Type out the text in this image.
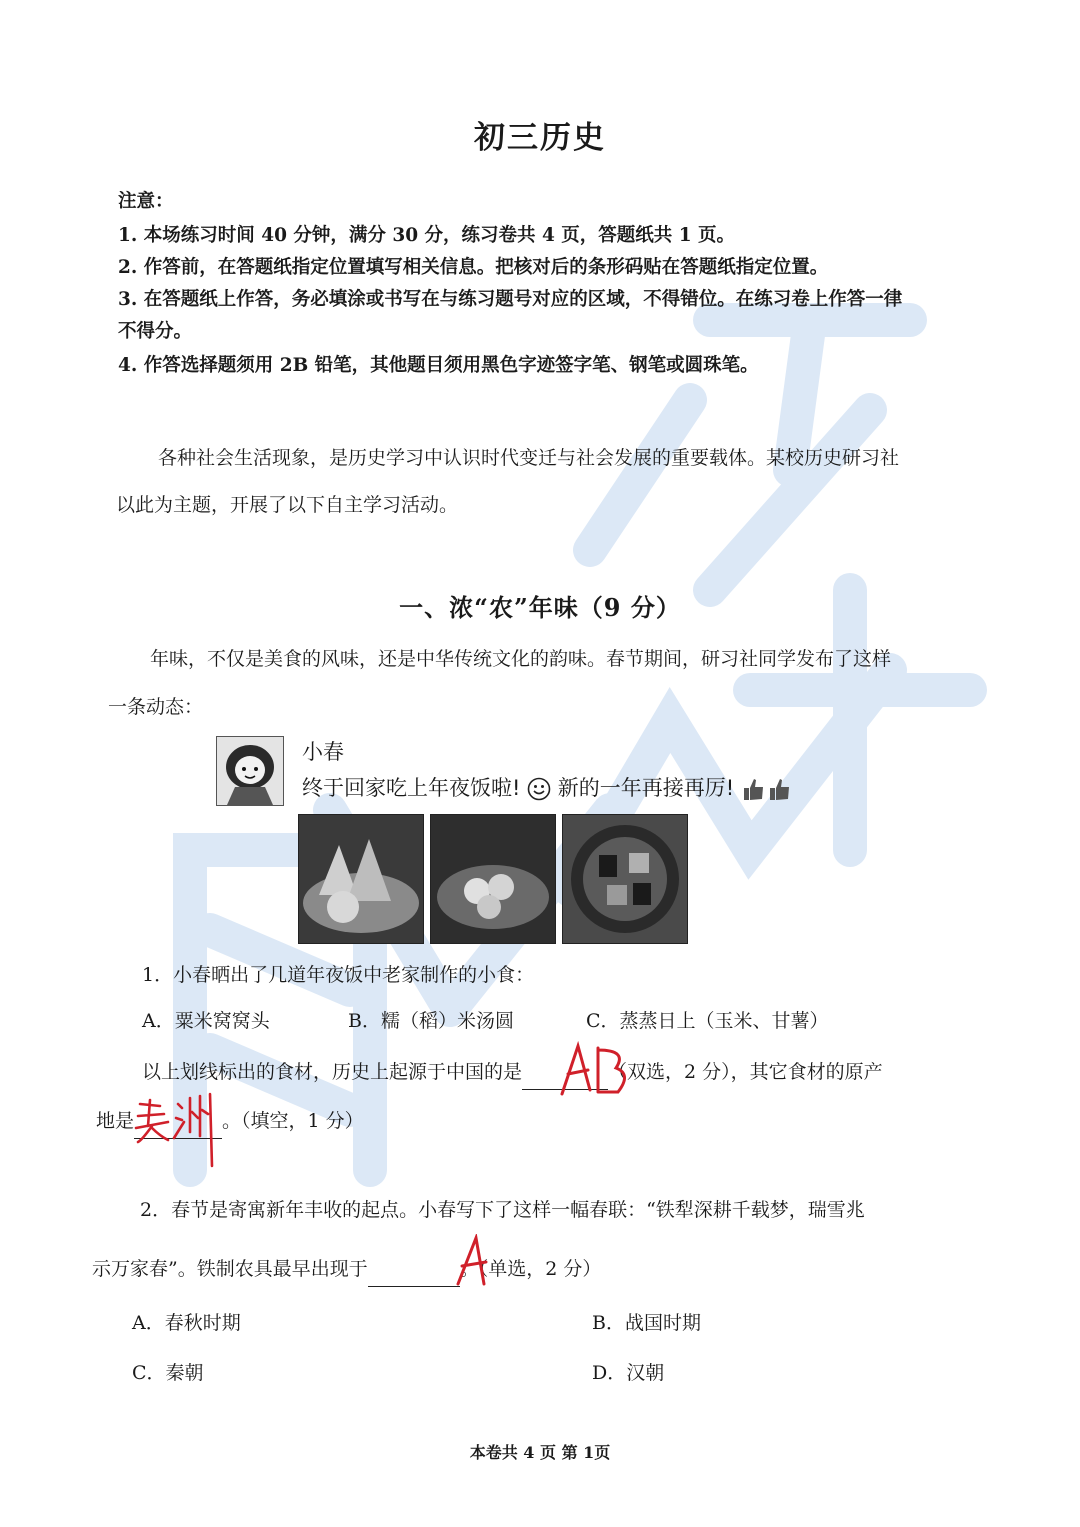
初三历史
注意：
1. 本场练习时间 40 分钟，满分 30 分，练习卷共 4 页，答题纸共 1 页。
2. 作答前，在答题纸指定位置填写相关信息。把核对后的条形码贴在答题纸指定位置。
3. 在答题纸上作答，务必填涂或书写在与练习题号对应的区域，不得错位。在练习卷上作答一律
不得分。
4. 作答选择题须用 2B 铅笔，其他题目须用黑色字迹签字笔、钢笔或圆珠笔。
各种社会生活现象，是历史学习中认识时代变迁与社会发展的重要载体。某校历史研习社
以此为主题，开展了以下自主学习活动。
一、浓“农”年味（9 分）
年味，不仅是美食的风味，还是中华传统文化的韵味。春节期间，研习社同学发布了这样
一条动态：
小春
终于回家吃上年夜饭啦! 新的一年再接再厉!
1．小春晒出了几道年夜饭中老家制作的小食：
A．粟米窝窝头	B．糯（稻）米汤圆	C．蒸蒸日上（玉米、甘薯）
以上划线标出的食材，历史上起源于中国的是	（双选，2 分），其它食材的原产
地是	。（填空，1 分）
2．春节是寄寓新年丰收的起点。小春写下了这样一幅春联：“铁犁深耕千载梦，瑞雪兆
示万家春”。铁制农具最早出现于	。（单选，2 分）
A．春秋时期	B．战国时期
C．秦朝	D．汉朝
本卷共 4 页 第 1页
